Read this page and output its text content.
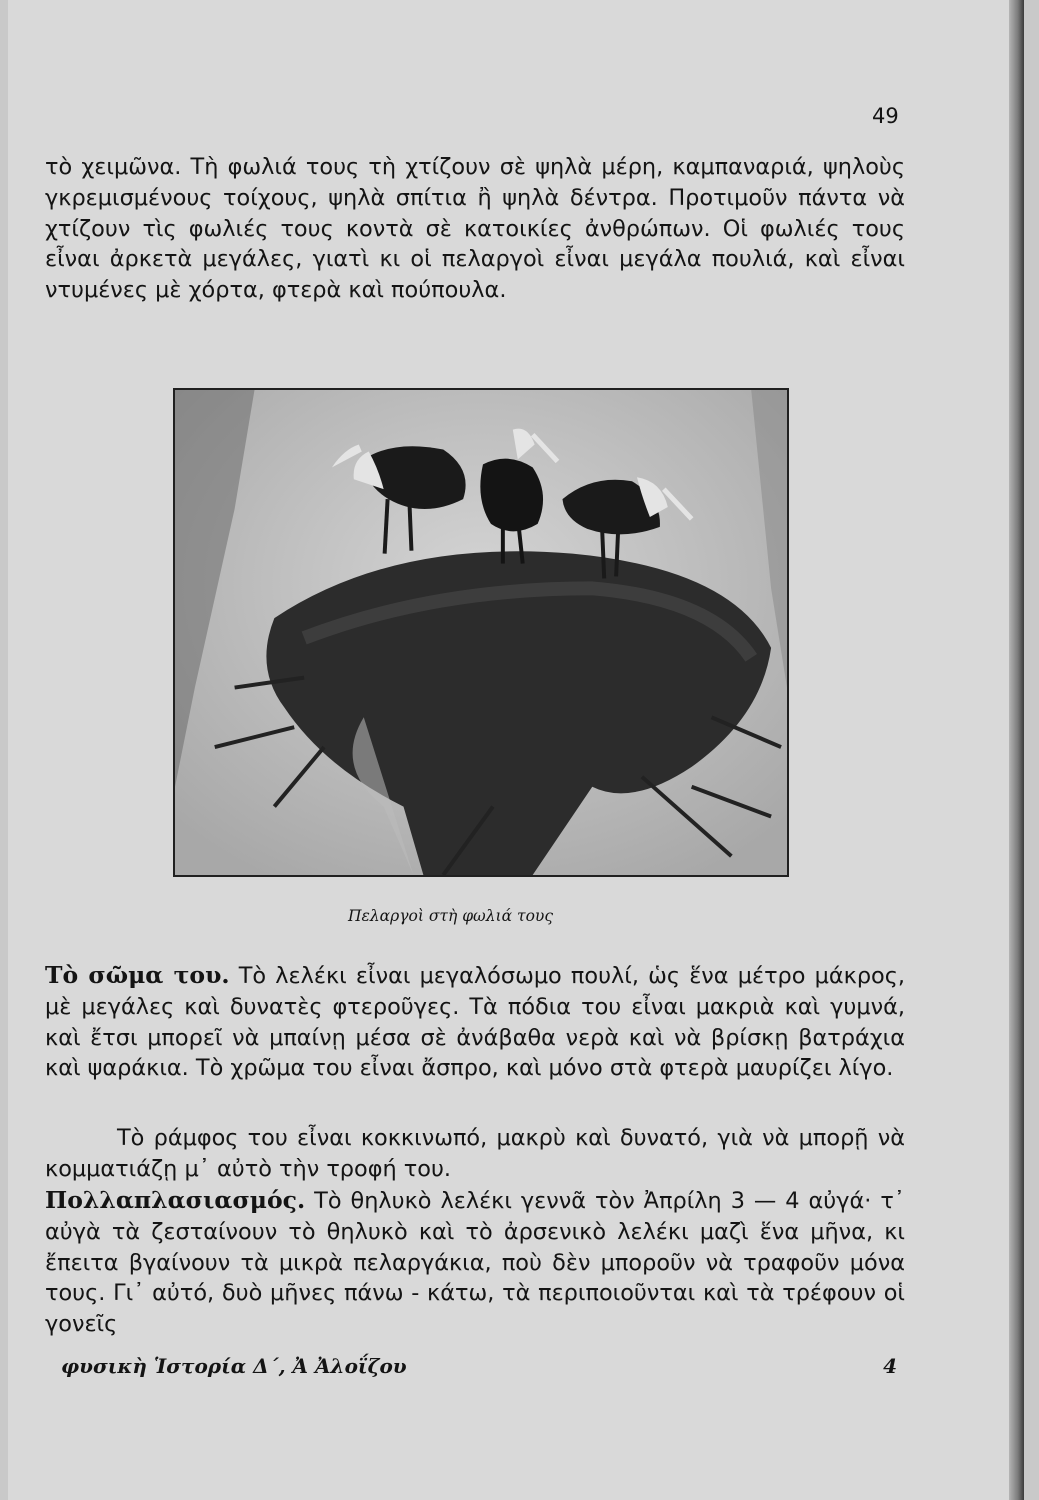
49

τὸ χειμῶνα. Τὴ φωλιά τους τὴ χτίζουν σὲ ψηλὰ μέρη, καμπαναριά, ψηλοὺς γκρεμισμένους τοίχους, ψηλὰ σπίτια ἢ ψηλὰ δέντρα. Προτιμοῦν πάντα νὰ χτίζουν τὶς φωλιές τους κοντὰ σὲ κατοικίες ἀνθρώπων. Οἱ φωλιές τους εἶναι ἀρκετὰ μεγάλες, γιατὶ κι οἱ πελαργοὶ εἶναι μεγάλα πουλιά, καὶ εἶναι ντυμένες μὲ χόρτα, φτερὰ καὶ πούπουλα.

Πελαργοὶ στὴ φωλιά τους

Τὸ σῶμα του. Τὸ λελέκι εἶναι μεγαλόσωμο πουλί, ὡς ἕνα μέτρο μάκρος, μὲ μεγάλες καὶ δυνατὲς φτεροῦγες. Τὰ πόδια του εἶναι μακριὰ καὶ γυμνά, καὶ ἔτσι μπορεῖ νὰ μπαίνῃ μέσα σὲ ἀνάβαθα νερὰ καὶ νὰ βρίσκῃ βατράχια καὶ ψαράκια. Τὸ χρῶμα του εἶναι ἄσπρο, καὶ μόνο στὰ φτερὰ μαυρίζει λίγο.

Τὸ ράμφος του εἶναι κοκκινωπό, μακρὺ καὶ δυνατό, γιὰ νὰ μπορῇ νὰ κομματιάζῃ μ᾽ αὐτὸ τὴν τροφή του.

Πολλαπλασιασμός. Τὸ θηλυκὸ λελέκι γεννᾶ τὸν Ἀπρίλη 3 — 4 αὐγά· τ᾽ αὐγὰ τὰ ζεσταίνουν τὸ θηλυκὸ καὶ τὸ ἀρσενικὸ λελέκι μαζὶ ἕνα μῆνα, κι ἔπειτα βγαίνουν τὰ μικρὰ πελαργάκια, ποὺ δὲν μποροῦν νὰ τραφοῦν μόνα τους. Γι᾽ αὐτό, δυὸ μῆνες πάνω - κάτω, τὰ περιποιοῦνται καὶ τὰ τρέφουν οἱ γονεῖς

φυσικὴ Ἱστορία Δ΄, Ἀ Ἀλοΐζου	4
